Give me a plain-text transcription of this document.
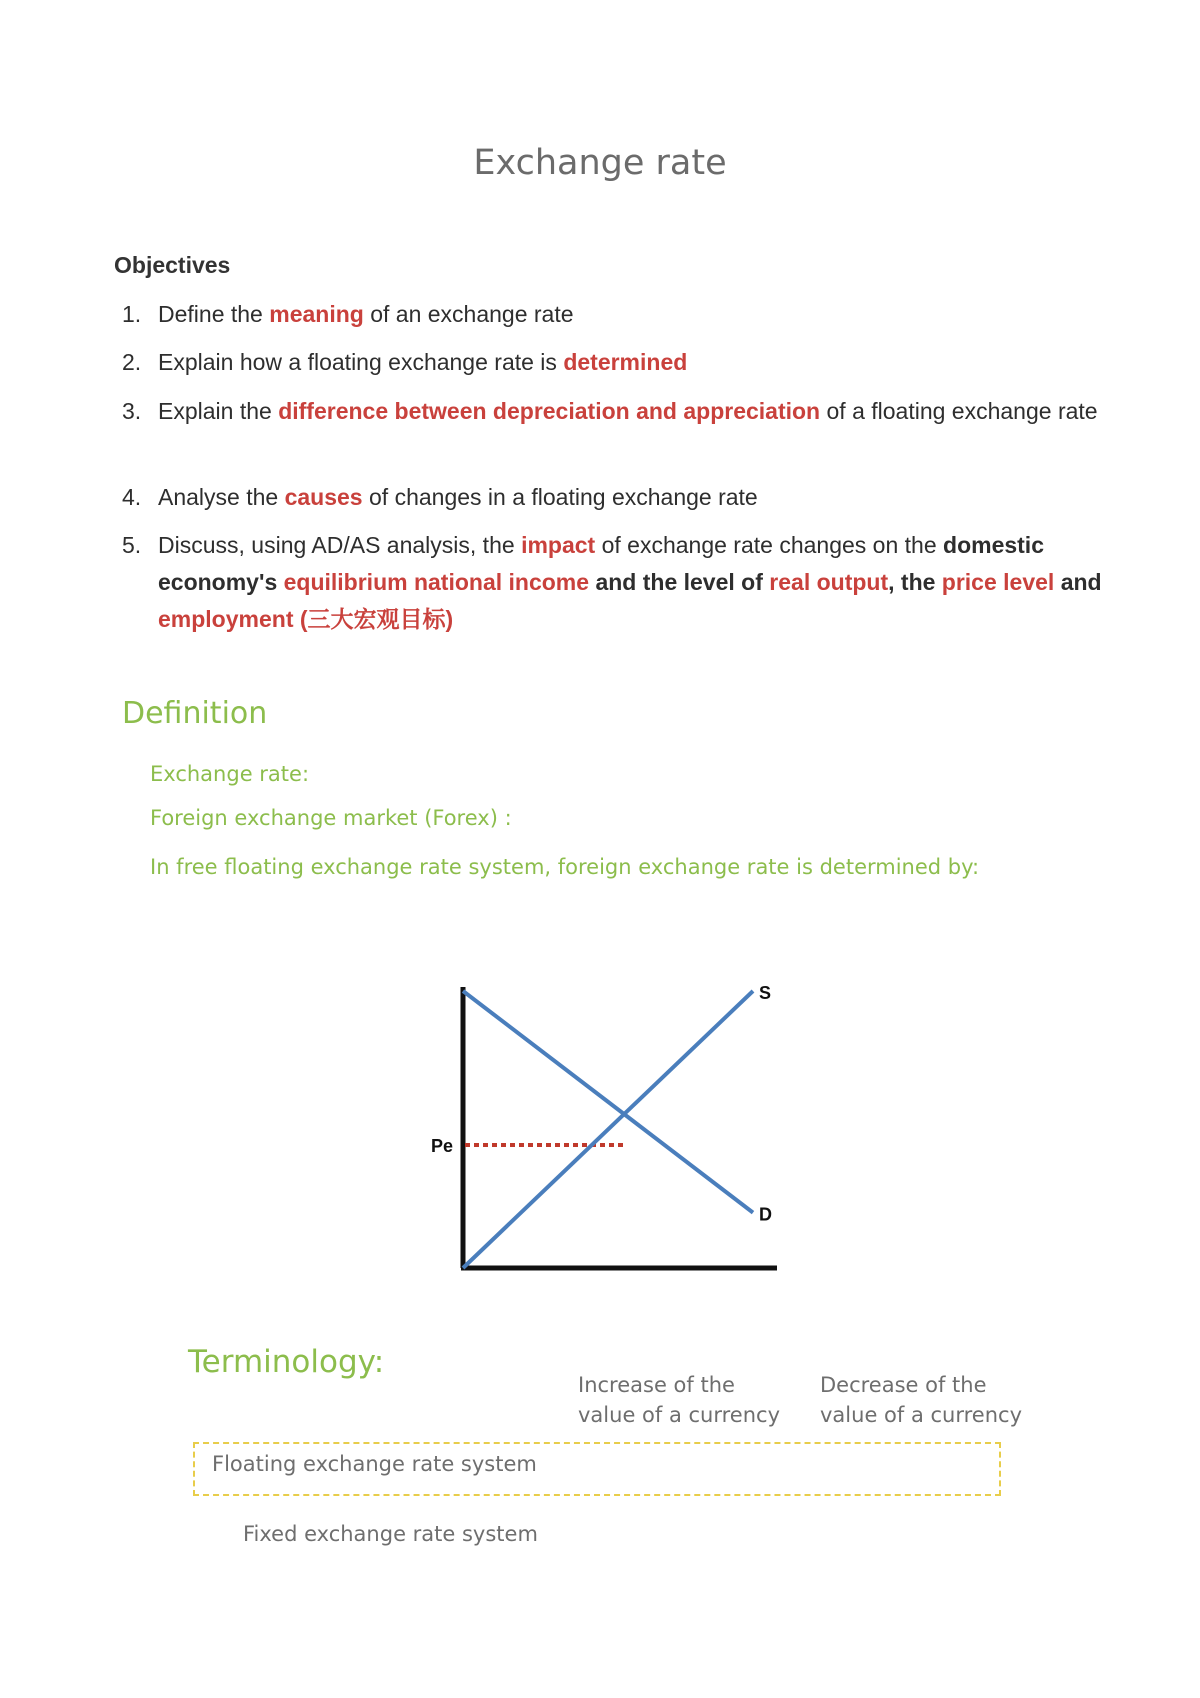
Exchange rate
Objectives
1. Define the meaning of an exchange rate
2. Explain how a floating exchange rate is determined
3. Explain the difference between depreciation and appreciation of a floating exchange rate
4. Analyse the causes of changes in a floating exchange rate
5. Discuss, using AD/AS analysis, the impact of exchange rate changes on the domestic economy's equilibrium national income and the level of real output, the price level and employment (三大宏观目标)
Definition
Exchange rate:
Foreign exchange market (Forex) :
In free floating exchange rate system, foreign exchange rate is determined by:
S
D
Pe
Terminology:
Increase of the
value of a currency
Decrease of the
value of a currency
Floating exchange rate system
Fixed exchange rate system
